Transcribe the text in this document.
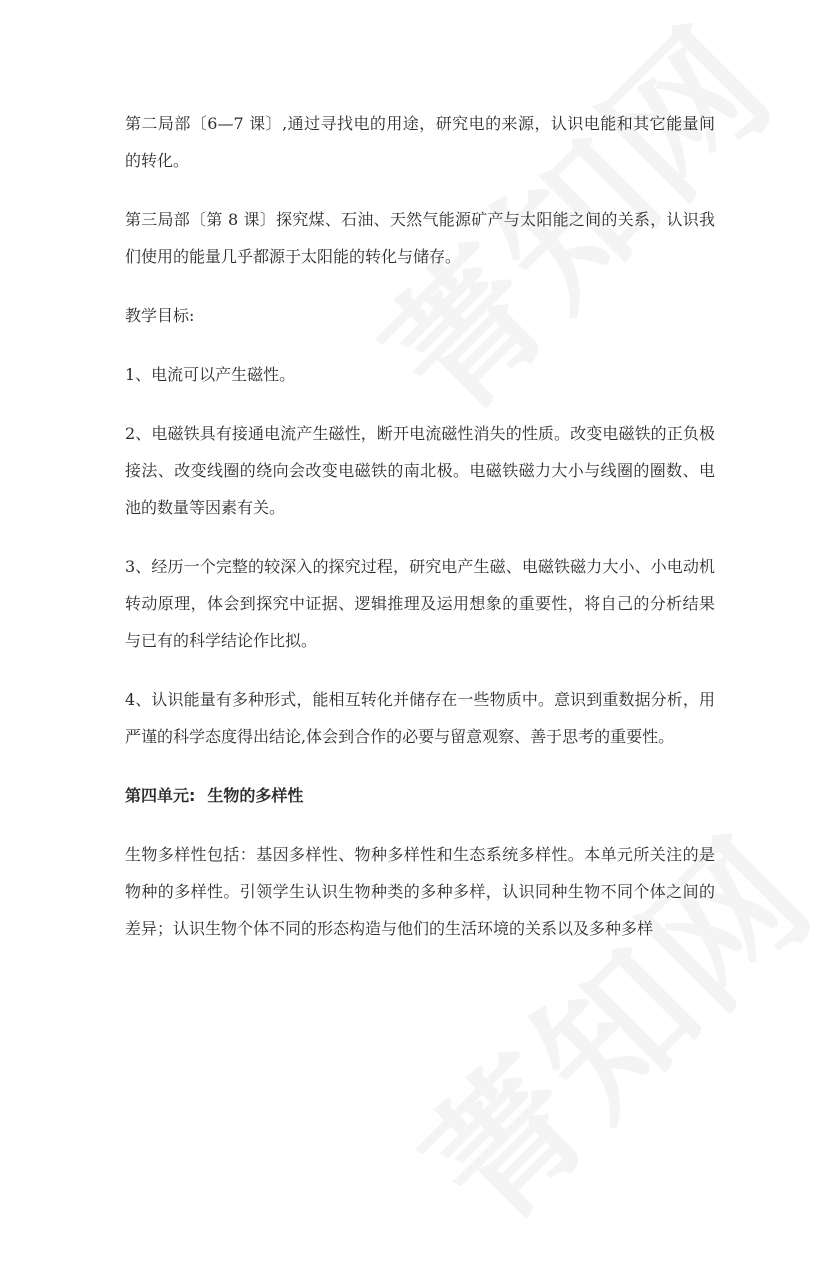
第二局部〔6—7 课〕,通过寻找电的用途，研究电的来源，认识电能和其它能量间的转化。

第三局部〔第 8 课〕探究煤、石油、天然气能源矿产与太阳能之间的关系，认识我们使用的能量几乎都源于太阳能的转化与储存。

教学目标:

1、电流可以产生磁性。

2、电磁铁具有接通电流产生磁性，断开电流磁性消失的性质。改变电磁铁的正负极接法、改变线圈的绕向会改变电磁铁的南北极。电磁铁磁力大小与线圈的圈数、电池的数量等因素有关。

3、经历一个完整的较深入的探究过程，研究电产生磁、电磁铁磁力大小、小电动机转动原理，体会到探究中证据、逻辑推理及运用想象的重要性，将自己的分析结果与已有的科学结论作比拟。

4、认识能量有多种形式，能相互转化并储存在一些物质中。意识到重数据分析，用严谨的科学态度得出结论,体会到合作的必要与留意观察、善于思考的重要性。

第四单元: 生物的多样性

生物多样性包括：基因多样性、物种多样性和生态系统多样性。本单元所关注的是物种的多样性。引领学生认识生物种类的多种多样，认识同种生物不同个体之间的差异；认识生物个体不同的形态构造与他们的生活环境的关系以及多种多样
